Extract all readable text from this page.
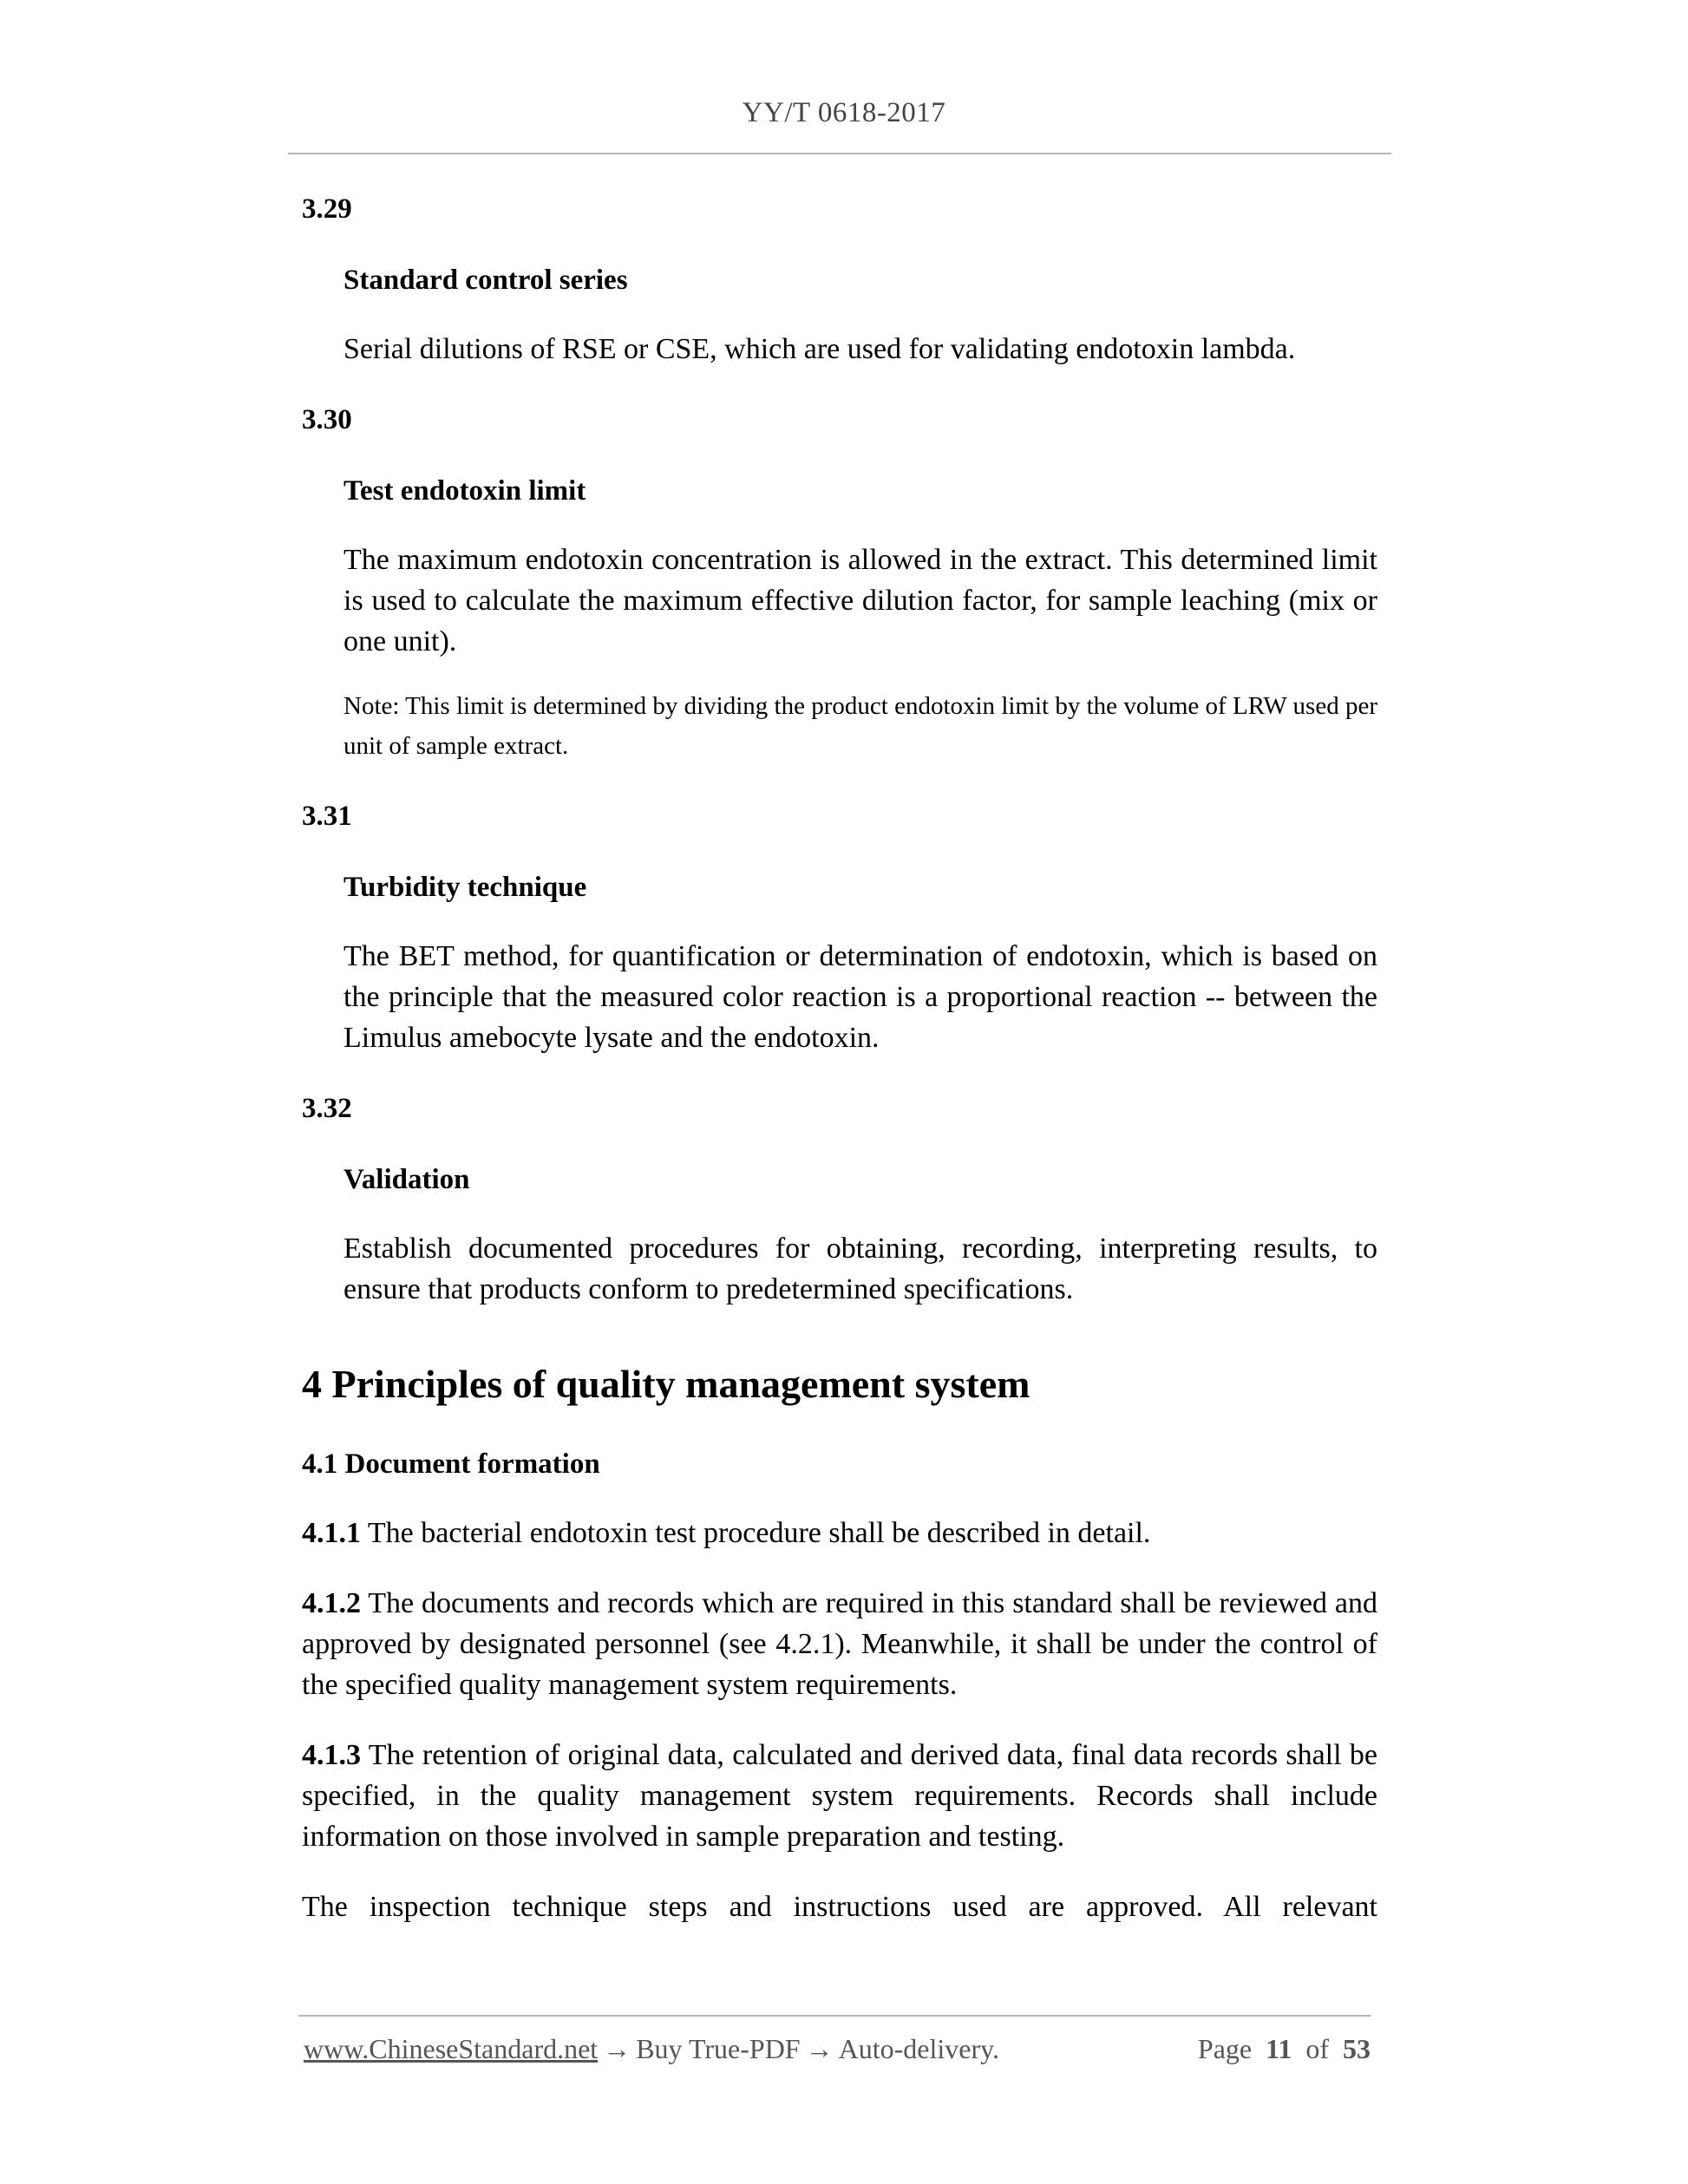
YY/T 0618-2017
3.29
Standard control series
Serial dilutions of RSE or CSE, which are used for validating endotoxin lambda.
3.30
Test endotoxin limit
The maximum endotoxin concentration is allowed in the extract. This determined limit is used to calculate the maximum effective dilution factor, for sample leaching (mix or one unit).
Note: This limit is determined by dividing the product endotoxin limit by the volume of LRW used per unit of sample extract.
3.31
Turbidity technique
The BET method, for quantification or determination of endotoxin, which is based on the principle that the measured color reaction is a proportional reaction -- between the Limulus amebocyte lysate and the endotoxin.
3.32
Validation
Establish documented procedures for obtaining, recording, interpreting results, to ensure that products conform to predetermined specifications.
4 Principles of quality management system
4.1 Document formation
4.1.1 The bacterial endotoxin test procedure shall be described in detail.
4.1.2 The documents and records which are required in this standard shall be reviewed and approved by designated personnel (see 4.2.1). Meanwhile, it shall be under the control of the specified quality management system requirements.
4.1.3 The retention of original data, calculated and derived data, final data records shall be specified, in the quality management system requirements. Records shall include information on those involved in sample preparation and testing.
The inspection technique steps and instructions used are approved. All relevant
www.ChineseStandard.net → Buy True-PDF → Auto-delivery.	Page 11 of 53
